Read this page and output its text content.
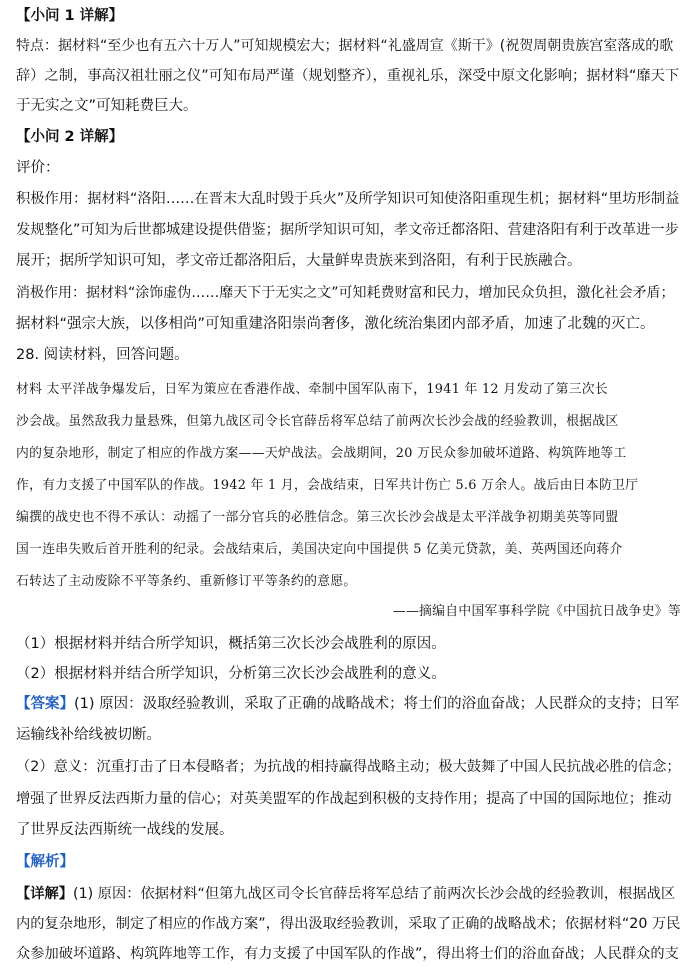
【小问 1 详解】
特点：据材料“至少也有五六十万人”可知规模宏大；据材料“礼盛周宣《斯干》(祝贺周朝贵族宫室落成的歌
辞）之制，事高汉祖壮丽之仪”可知布局严谨（规划整齐），重视礼乐，深受中原文化影响；据材料“靡天下
于无实之文”可知耗费巨大。
【小问 2 详解】
评价：
积极作用：据材料“洛阳……在晋末大乱时毁于兵火”及所学知识可知使洛阳重现生机；据材料“里坊形制益
发规整化”可知为后世都城建设提供借鉴；据所学知识可知，孝文帝迁都洛阳、营建洛阳有利于改革进一步
展开；据所学知识可知，孝文帝迁都洛阳后，大量鲜卑贵族来到洛阳，有利于民族融合。
消极作用：据材料“涂饰虚伪……靡天下于无实之文”可知耗费财富和民力，增加民众负担，激化社会矛盾；
据材料“强宗大族，以侈相尚”可知重建洛阳崇尚奢侈，激化统治集团内部矛盾，加速了北魏的灭亡。
28. 阅读材料，回答问题。
材料 太平洋战争爆发后，日军为策应在香港作战、牵制中国军队南下，1941 年 12 月发动了第三次长
沙会战。虽然敌我力量悬殊，但第九战区司令长官薛岳将军总结了前两次长沙会战的经验教训，根据战区
内的复杂地形，制定了相应的作战方案——天炉战法。会战期间，20 万民众参加破坏道路、构筑阵地等工
作，有力支援了中国军队的作战。1942 年 1 月，会战结束，日军共计伤亡 5.6 万余人。战后由日本防卫厅
编撰的战史也不得不承认：动摇了一部分官兵的必胜信念。第三次长沙会战是太平洋战争初期美英等同盟
国一连串失败后首开胜利的纪录。会战结束后，美国决定向中国提供 5 亿美元贷款，美、英两国还向蒋介
石转达了主动废除不平等条约、重新修订平等条约的意愿。
——摘编自中国军事科学院《中国抗日战争史》等
（1）根据材料并结合所学知识，概括第三次长沙会战胜利的原因。
（2）根据材料并结合所学知识，分析第三次长沙会战胜利的意义。
【答案】(1) 原因：汲取经验教训，采取了正确的战略战术；将士们的浴血奋战；人民群众的支持；日军
运输线补给线被切断。
（2）意义：沉重打击了日本侵略者；为抗战的相持赢得战略主动；极大鼓舞了中国人民抗战必胜的信念；
增强了世界反法西斯力量的信心；对英美盟军的作战起到积极的支持作用；提高了中国的国际地位；推动
了世界反法西斯统一战线的发展。
【解析】
【详解】(1) 原因：依据材料“但第九战区司令长官薛岳将军总结了前两次长沙会战的经验教训，根据战区
内的复杂地形，制定了相应的作战方案”，得出汲取经验教训，采取了正确的战略战术；依据材料“20 万民
众参加破坏道路、构筑阵地等工作，有力支援了中国军队的作战”，得出将士们的浴血奋战；人民群众的支
